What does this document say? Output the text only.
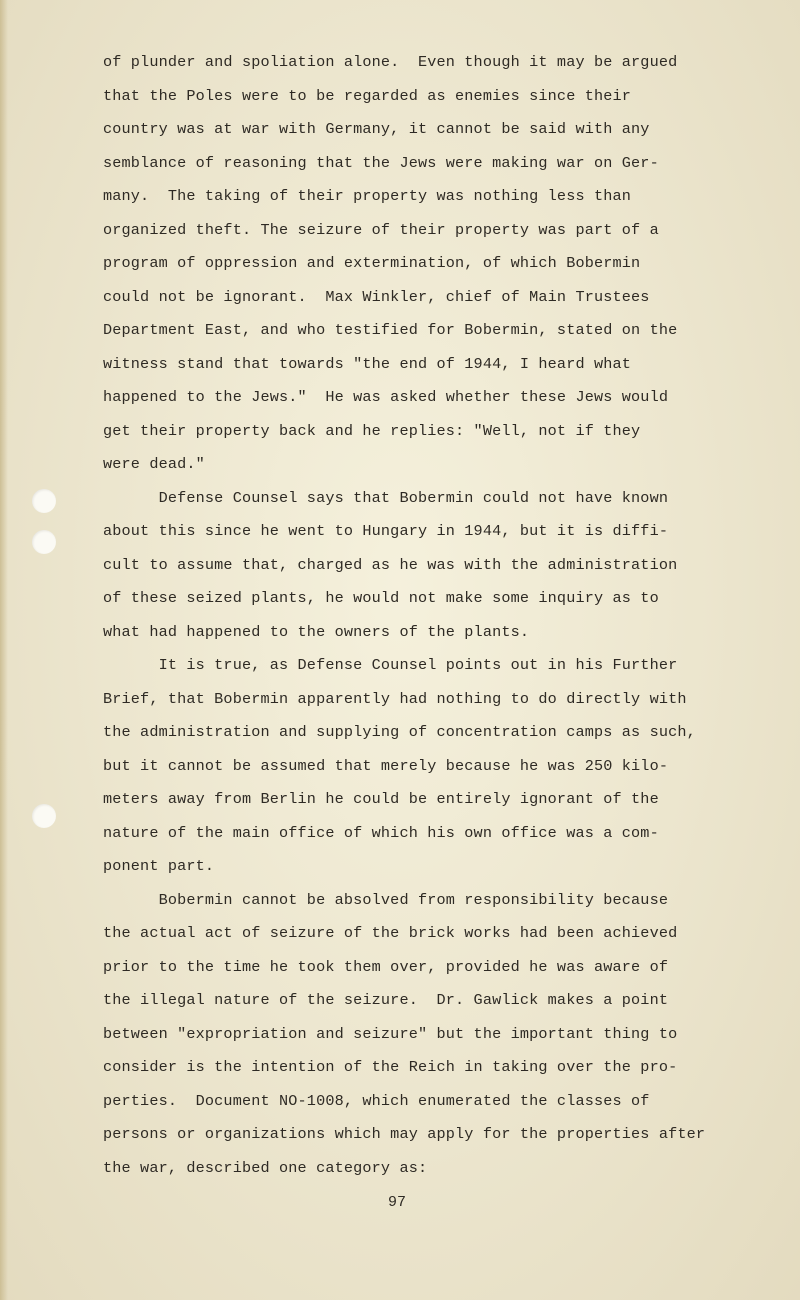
of plunder and spoliation alone.  Even though it may be argued
that the Poles were to be regarded as enemies since their
country was at war with Germany, it cannot be said with any
semblance of reasoning that the Jews were making war on Ger-
many.  The taking of their property was nothing less than
organized theft. The seizure of their property was part of a
program of oppression and extermination, of which Bobermin
could not be ignorant.  Max Winkler, chief of Main Trustees
Department East, and who testified for Bobermin, stated on the
witness stand that towards "the end of 1944, I heard what
happened to the Jews."  He was asked whether these Jews would
get their property back and he replies: "Well, not if they
were dead."
Defense Counsel says that Bobermin could not have known
about this since he went to Hungary in 1944, but it is diffi-
cult to assume that, charged as he was with the administration
of these seized plants, he would not make some inquiry as to
what had happened to the owners of the plants.
It is true, as Defense Counsel points out in his Further
Brief, that Bobermin apparently had nothing to do directly with
the administration and supplying of concentration camps as such,
but it cannot be assumed that merely because he was 250 kilo-
meters away from Berlin he could be entirely ignorant of the
nature of the main office of which his own office was a com-
ponent part.
Bobermin cannot be absolved from responsibility because
the actual act of seizure of the brick works had been achieved
prior to the time he took them over, provided he was aware of
the illegal nature of the seizure.  Dr. Gawlick makes a point
between "expropriation and seizure" but the important thing to
consider is the intention of the Reich in taking over the pro-
perties.  Document NO-1008, which enumerated the classes of
persons or organizations which may apply for the properties after
the war, described one category as:
97
